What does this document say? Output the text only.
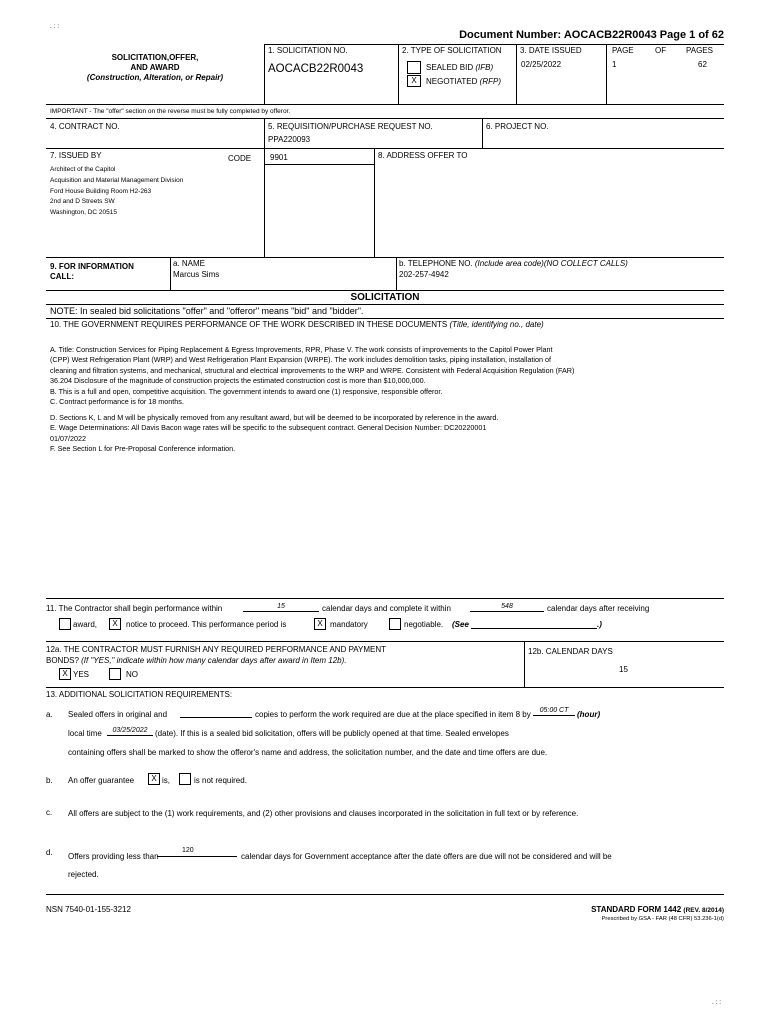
. : :
. : :
Document Number: AOCACB22R0043 Page 1 of 62
SOLICITATION,OFFER,
AND AWARD
(Construction, Alteration, or Repair)
1. SOLICITATION NO.
AOCACB22R0043
2. TYPE OF SOLICITATION
SEALED BID (IFB)
X	NEGOTIATED (RFP)
3. DATE ISSUED
02/25/2022
PAGE	OF PAGES
1	62
IMPORTANT - The "offer" section on the reverse must be fully completed by offeror.
4. CONTRACT NO.	5. REQUISITION/PURCHASE REQUEST NO.
PPA220093
6. PROJECT NO.
7. ISSUED BY	CODE 9901
Architect of the Capitol
Acquisition and Material Management Division
Ford House Building Room H2-263
2nd and D Streets SW
Washington, DC 20515
8. ADDRESS OFFER TO
9. FOR INFORMATION
CALL:
a. NAME
Marcus Sims
b. TELEPHONE NO. (Include area code)(NO COLLECT CALLS)
202-257-4942
SOLICITATION
NOTE: In sealed bid solicitations "offer" and "offeror" means "bid" and "bidder".
10. THE GOVERNMENT REQUIRES PERFORMANCE OF THE WORK DESCRIBED IN THESE DOCUMENTS (Title, identifying no., date)
A. Title: Construction Services for Piping Replacement & Egress Improvements, RPR, Phase V. The work consists of improvements to the Capitol Power Plant
(CPP) West Refrigeration Plant (WRP) and West Refrigeration Plant Expansion (WRPE). The work includes demolition tasks, piping installation, installation of
cleaning and filtration systems, and mechanical, structural and electrical improvements to the WRP and WRPE. Consistent with Federal Acquisition Regulation (FAR)
36.204 Disclosure of the magnitude of construction projects the estimated construction cost is more than $10,000,000.
B. This is a full and open, competitive acquisition. The government intends to award one (1) responsive, responsible offeror.
C. Contract performance is for 18 months.
D. Sections K, L and M will be physically removed from any resultant award, but will be deemed to be incorporated by reference in the award.
E. Wage Determinations: All Davis Bacon wage rates will be specific to the subsequent contract. General Decision Number: DC20220001
01/07/2022
F. See Section L for Pre-Proposal Conference information.
11. The Contractor shall begin performance within	15	calendar days and complete it within	548	calendar days after receiving
award,	X	notice to proceed. This performance period is	X mandatory	negotiable. (See	.)
12a. THE CONTRACTOR MUST FURNISH ANY REQUIRED PERFORMANCE AND PAYMENT
BONDS? (If "YES," indicate within how many calendar days after award in Item 12b).
X YES	NO
12b. CALENDAR DAYS
15
13. ADDITIONAL SOLICITATION REQUIREMENTS:
a. Sealed offers in original and	copies to perform the work required are due at the place specified in item 8 by	05:00 CT	(hour)
local time	03/25/2022 (date). If this is a sealed bid solicitation, offers will be publicly opened at that time. Sealed envelopes
containing offers shall be marked to show the offeror's name and address, the solicitation number, and the date and time offers are due.
b. An offer guarantee	X is,	is not required.
c. All offers are subject to the (1) work requirements, and (2) other provisions and clauses incorporated in the solicitation in full text or by reference.
d. Offers providing less than
120
calendar days for Government acceptance after the date offers are due will not be considered and will be
rejected.
NSN 7540-01-155-3212	STANDARD FORM 1442 (REV. 8/2014)
Prescribed by GSA - FAR (48 CFR) 53.236-1(d)
